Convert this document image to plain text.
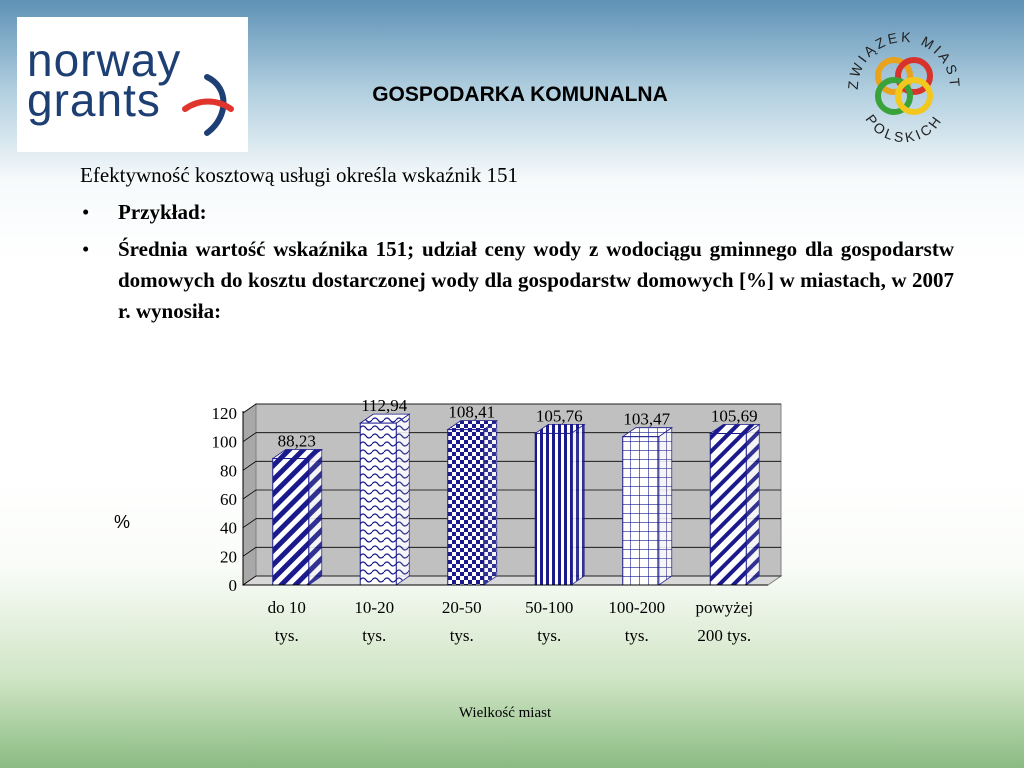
norway
grants	GOSPODARKA KOMUNALNA	ZWIĄZEK MIAST
POLSKICH
Efektywność kosztową usługi określa wskaźnik 151
• Przykład:
• Średnia wartość wskaźnika 151; udział ceny wody z wodociągu gminnego dla gospodarstw domowych do kosztu dostarczonej wody dla gospodarstw domowych [%] w miastach, w 2007 r. wynosiła:
%
88,23
112,94 108,41 105,76 103,47 105,69
0
20
40
60
80
100
120
do 10
tys.
10-20
tys.
20-50
tys.
50-100
tys.
100-200
tys.
powyżej
200 tys.
Wielkość miast
